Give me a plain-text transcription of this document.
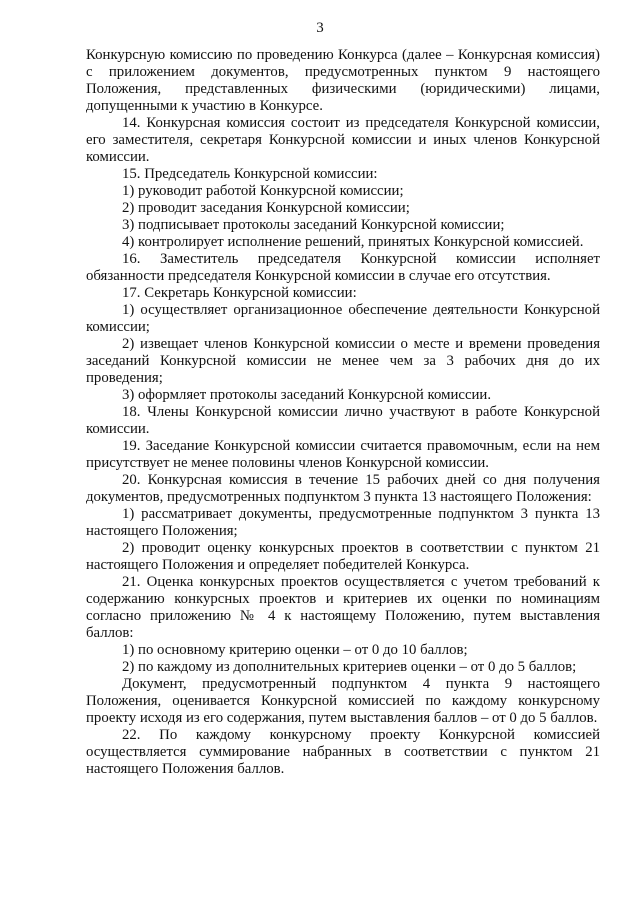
3

Конкурсную комиссию по проведению Конкурса (далее – Конкурсная комиссия) с приложением документов, предусмотренных пунктом 9 настоящего Положения, представленных физическими (юридическими) лицами, допущенными к участию в Конкурсе.

14. Конкурсная комиссия состоит из председателя Конкурсной комиссии, его заместителя, секретаря Конкурсной комиссии и иных членов Конкурсной комиссии.

15. Председатель Конкурсной комиссии:

1) руководит работой Конкурсной комиссии;

2) проводит заседания Конкурсной комиссии;

3) подписывает протоколы заседаний Конкурсной комиссии;

4) контролирует исполнение решений, принятых Конкурсной комиссией.

16. Заместитель председателя Конкурсной комиссии исполняет обязанности председателя Конкурсной комиссии в случае его отсутствия.

17. Секретарь Конкурсной комиссии:

1) осуществляет организационное обеспечение деятельности Конкурсной комиссии;

2) извещает членов Конкурсной комиссии о месте и времени проведения заседаний Конкурсной комиссии не менее чем за 3 рабочих дня до их проведения;

3) оформляет протоколы заседаний Конкурсной комиссии.

18. Члены Конкурсной комиссии лично участвуют в работе Конкурсной комиссии.

19. Заседание Конкурсной комиссии считается правомочным, если на нем присутствует не менее половины членов Конкурсной комиссии.

20. Конкурсная комиссия в течение 15 рабочих дней со дня получения документов, предусмотренных подпунктом 3 пункта 13 настоящего Положения:

1) рассматривает документы, предусмотренные подпунктом 3 пункта 13 настоящего Положения;

2) проводит оценку конкурсных проектов в соответствии с пунктом 21 настоящего Положения и определяет победителей Конкурса.

21. Оценка конкурсных проектов осуществляется с учетом требований к содержанию конкурсных проектов и критериев их оценки по номинациям согласно приложению № 4 к настоящему Положению, путем выставления баллов:

1) по основному критерию оценки – от 0 до 10 баллов;

2) по каждому из дополнительных критериев оценки – от 0 до 5 баллов;

Документ, предусмотренный подпунктом 4 пункта 9 настоящего Положения, оценивается Конкурсной комиссией по каждому конкурсному проекту исходя из его содержания, путем выставления баллов – от 0 до 5 баллов.

22. По каждому конкурсному проекту Конкурсной комиссией осуществляется суммирование набранных в соответствии с пунктом 21 настоящего Положения баллов.
